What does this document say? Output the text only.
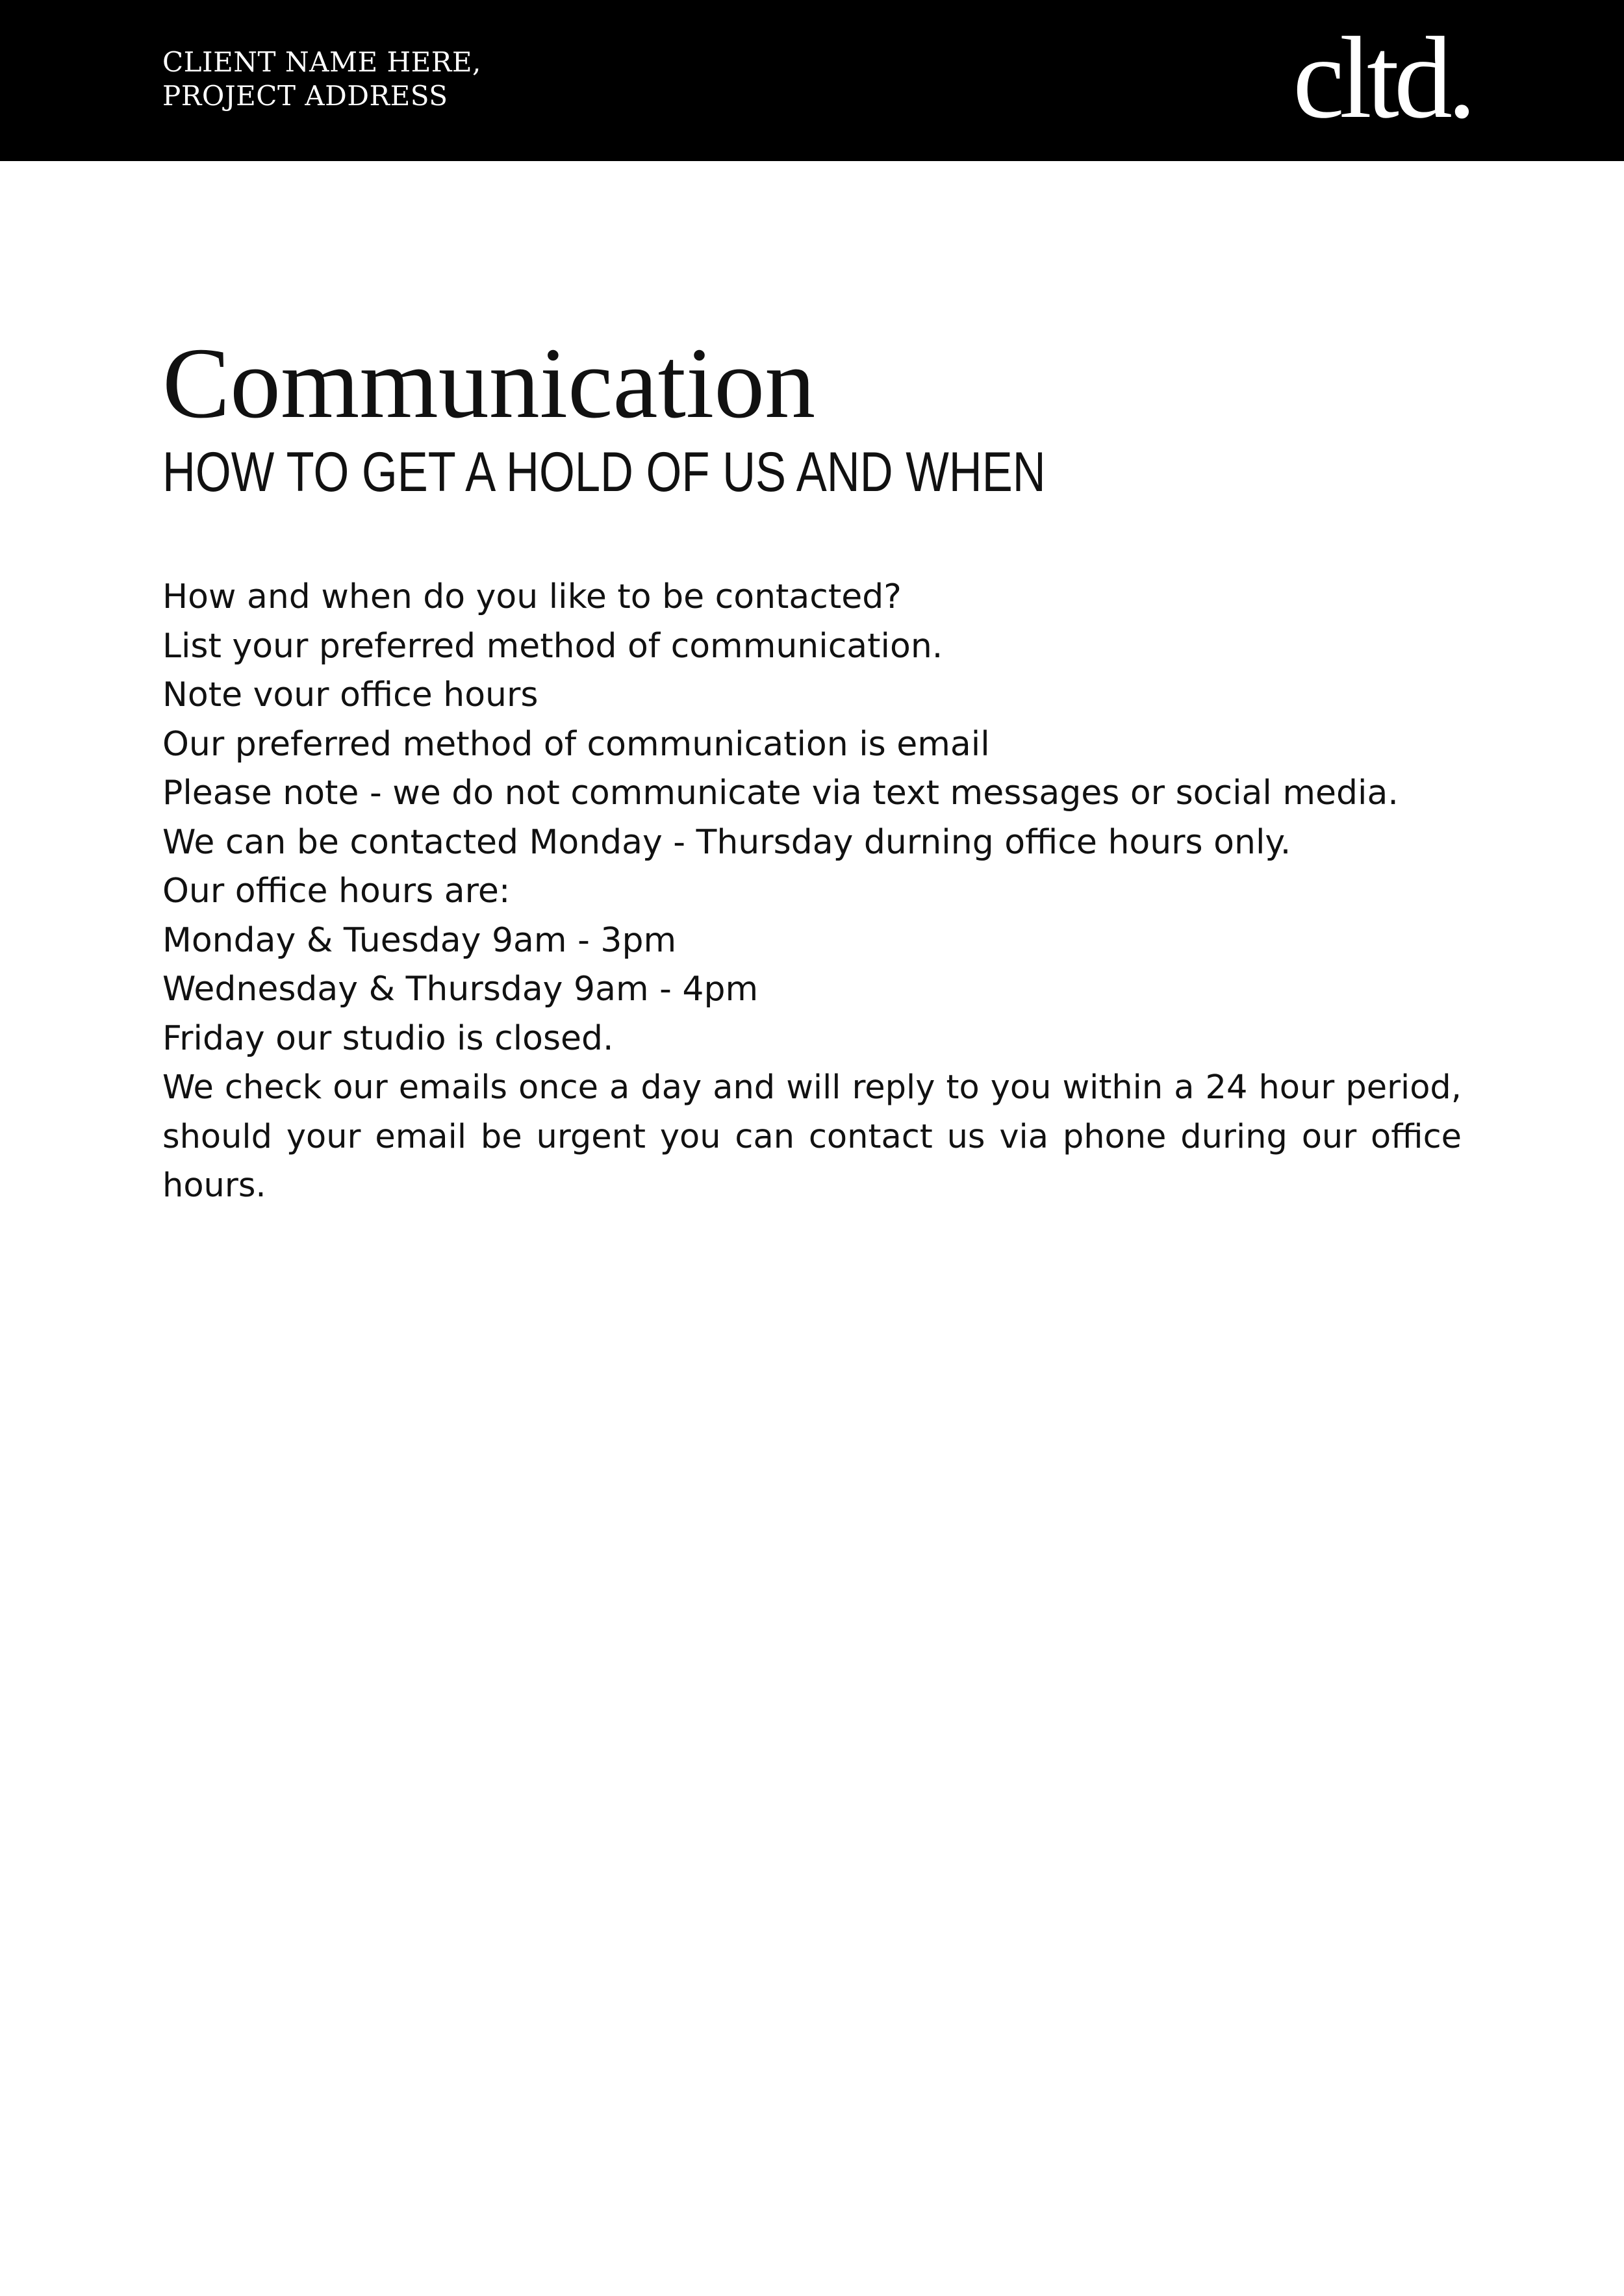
CLIENT NAME HERE,
PROJECT ADDRESS	cltd.
Communication
HOW TO GET A HOLD OF US AND WHEN
How and when do you like to be contacted?
List your preferred method of communication.
Note vour office hours
Our preferred method of communication is email
Please note - we do not communicate via text messages or social media.
We can be contacted Monday - Thursday durning office hours only.
Our office hours are:
Monday & Tuesday 9am - 3pm
Wednesday & Thursday 9am - 4pm
Friday our studio is closed.
We check our emails once a day and will reply to you within a 24 hour period, should your email be urgent you can contact us via phone during our office hours.
